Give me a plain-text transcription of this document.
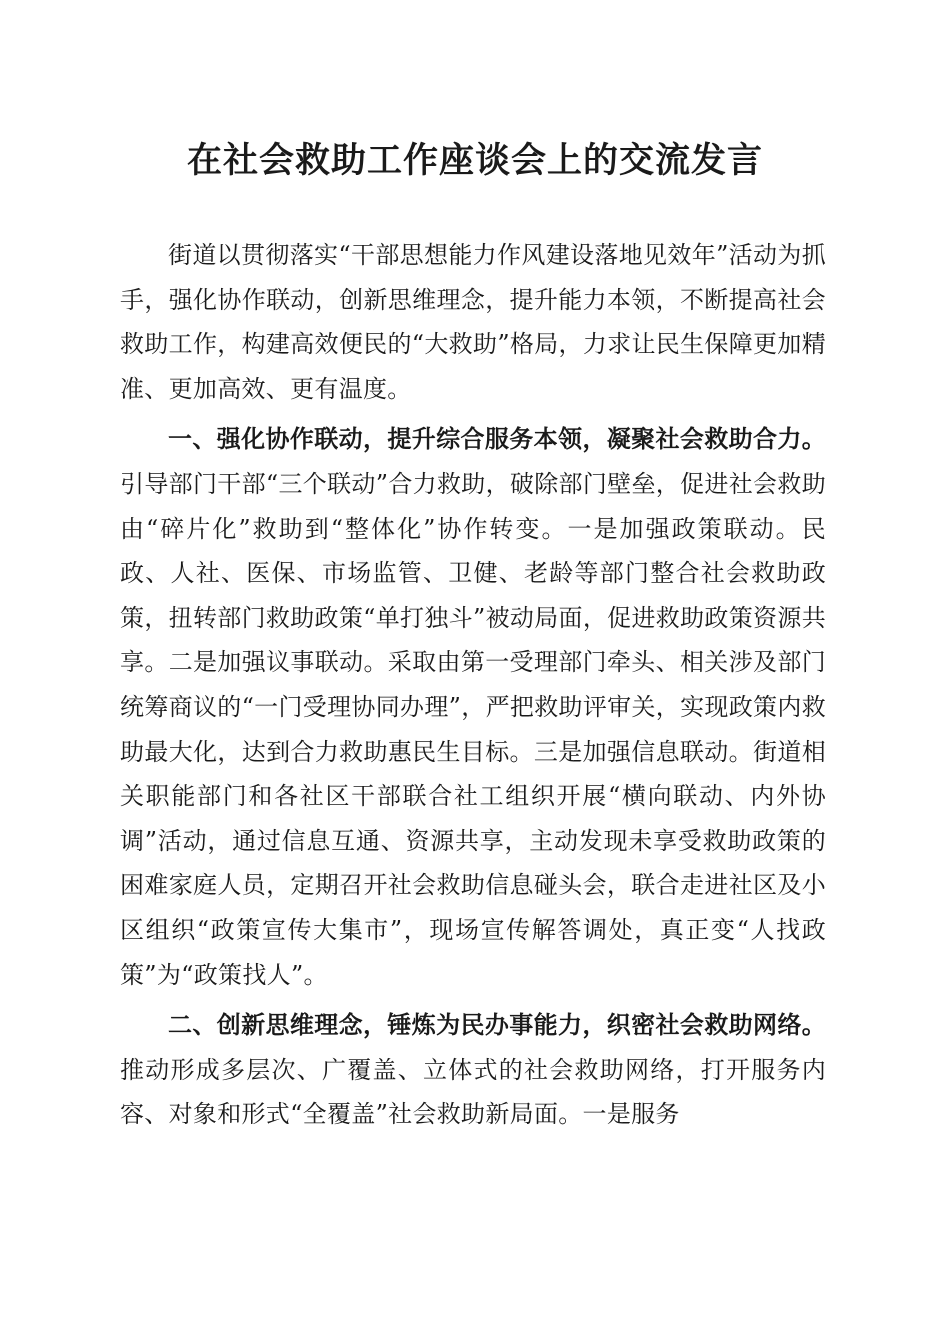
在社会救助工作座谈会上的交流发言

街道以贯彻落实“干部思想能力作风建设落地见效年”活动为抓手，强化协作联动，创新思维理念，提升能力本领，不断提高社会救助工作，构建高效便民的“大救助”格局，力求让民生保障更加精准、更加高效、更有温度。

一、强化协作联动，提升综合服务本领，凝聚社会救助合力。引导部门干部“三个联动”合力救助，破除部门壁垒，促进社会救助由“碎片化”救助到“整体化”协作转变。一是加强政策联动。民政、人社、医保、市场监管、卫健、老龄等部门整合社会救助政策，扭转部门救助政策“单打独斗”被动局面，促进救助政策资源共享。二是加强议事联动。采取由第一受理部门牵头、相关涉及部门统筹商议的“一门受理协同办理”，严把救助评审关，实现政策内救助最大化，达到合力救助惠民生目标。三是加强信息联动。街道相关职能部门和各社区干部联合社工组织开展“横向联动、内外协调”活动，通过信息互通、资源共享，主动发现未享受救助政策的困难家庭人员，定期召开社会救助信息碰头会，联合走进社区及小区组织“政策宣传大集市”，现场宣传解答调处，真正变“人找政策”为“政策找人”。

二、创新思维理念，锤炼为民办事能力，织密社会救助网络。推动形成多层次、广覆盖、立体式的社会救助网络，打开服务内容、对象和形式“全覆盖”社会救助新局面。一是服务
